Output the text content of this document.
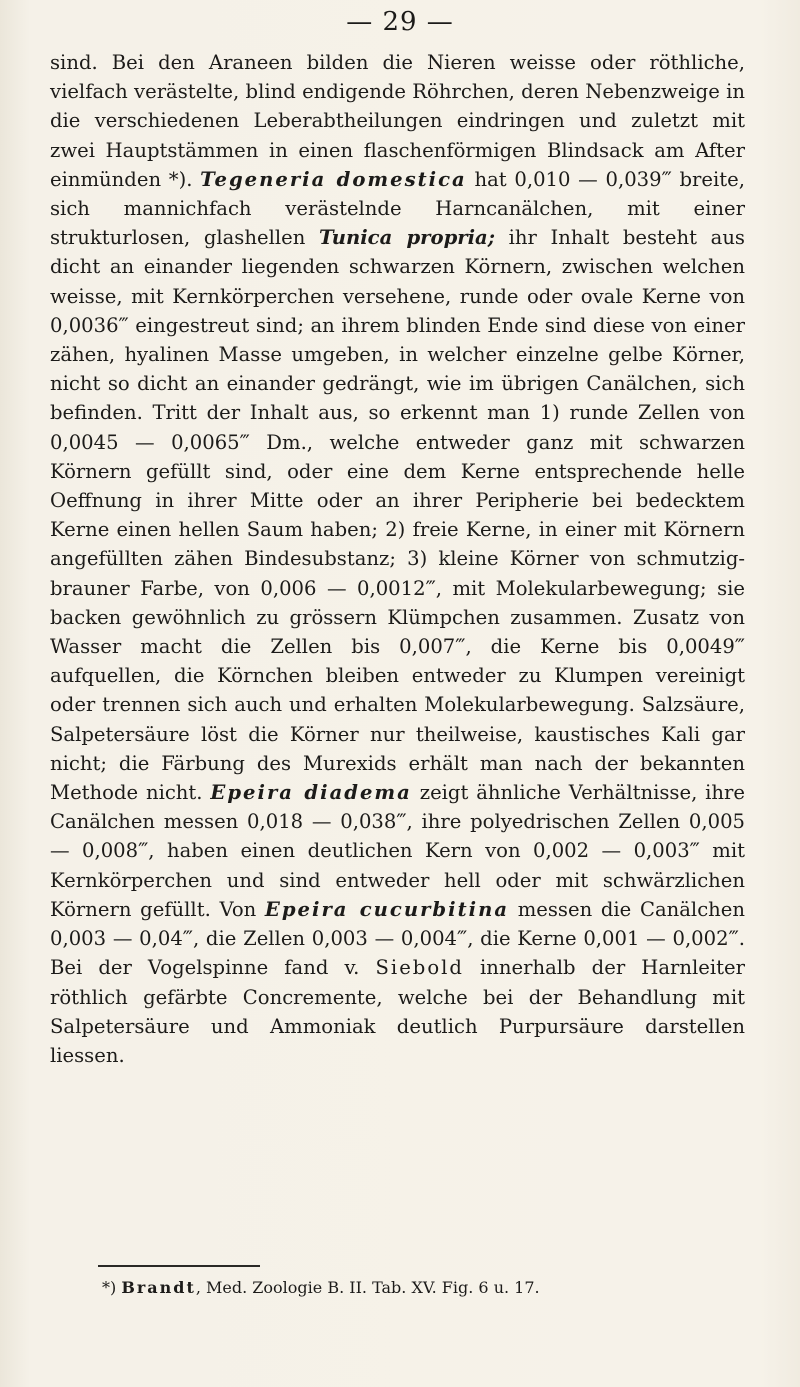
— 29 —

sind. Bei den Araneen bilden die Nieren weisse oder röthliche, vielfach verästelte, blind endigende Röhrchen, deren Nebenzweige in die verschiedenen Leberabtheilungen eindringen und zuletzt mit zwei Hauptstämmen in einen flaschenförmigen Blindsack am After einmünden *). Tegeneria domestica hat 0,010 — 0,039‴ breite, sich mannichfach verästelnde Harncanälchen, mit einer strukturlosen, glashellen Tunica propria; ihr Inhalt besteht aus dicht an einander liegenden schwarzen Körnern, zwischen welchen weisse, mit Kernkörperchen versehene, runde oder ovale Kerne von 0,0036‴ eingestreut sind; an ihrem blinden Ende sind diese von einer zähen, hyalinen Masse umgeben, in welcher einzelne gelbe Körner, nicht so dicht an einander gedrängt, wie im übrigen Canälchen, sich befinden. Tritt der Inhalt aus, so erkennt man 1) runde Zellen von 0,0045 — 0,0065‴ Dm., welche entweder ganz mit schwarzen Körnern gefüllt sind, oder eine dem Kerne entsprechende helle Oeffnung in ihrer Mitte oder an ihrer Peripherie bei bedecktem Kerne einen hellen Saum haben; 2) freie Kerne, in einer mit Körnern angefüllten zähen Bindesubstanz; 3) kleine Körner von schmutzig-brauner Farbe, von 0,006 — 0,0012‴, mit Molekularbewegung; sie backen gewöhnlich zu grössern Klümpchen zusammen. Zusatz von Wasser macht die Zellen bis 0,007‴, die Kerne bis 0,0049‴ aufquellen, die Körnchen bleiben entweder zu Klumpen vereinigt oder trennen sich auch und erhalten Molekularbewegung. Salzsäure, Salpetersäure löst die Körner nur theilweise, kaustisches Kali gar nicht; die Färbung des Murexids erhält man nach der bekannten Methode nicht. Epeira diadema zeigt ähnliche Verhältnisse, ihre Canälchen messen 0,018 — 0,038‴, ihre polyedrischen Zellen 0,005 — 0,008‴, haben einen deutlichen Kern von 0,002 — 0,003‴ mit Kernkörperchen und sind entweder hell oder mit schwärzlichen Körnern gefüllt. Von Epeira cucurbitina messen die Canälchen 0,003 — 0,04‴, die Zellen 0,003 — 0,004‴, die Kerne 0,001 — 0,002‴. Bei der Vogelspinne fand v. Siebold innerhalb der Harnleiter röthlich gefärbte Concremente, welche bei der Behandlung mit Salpetersäure und Ammoniak deutlich Purpursäure darstellen liessen.

*) Brandt, Med. Zoologie B. II. Tab. XV. Fig. 6 u. 17.
